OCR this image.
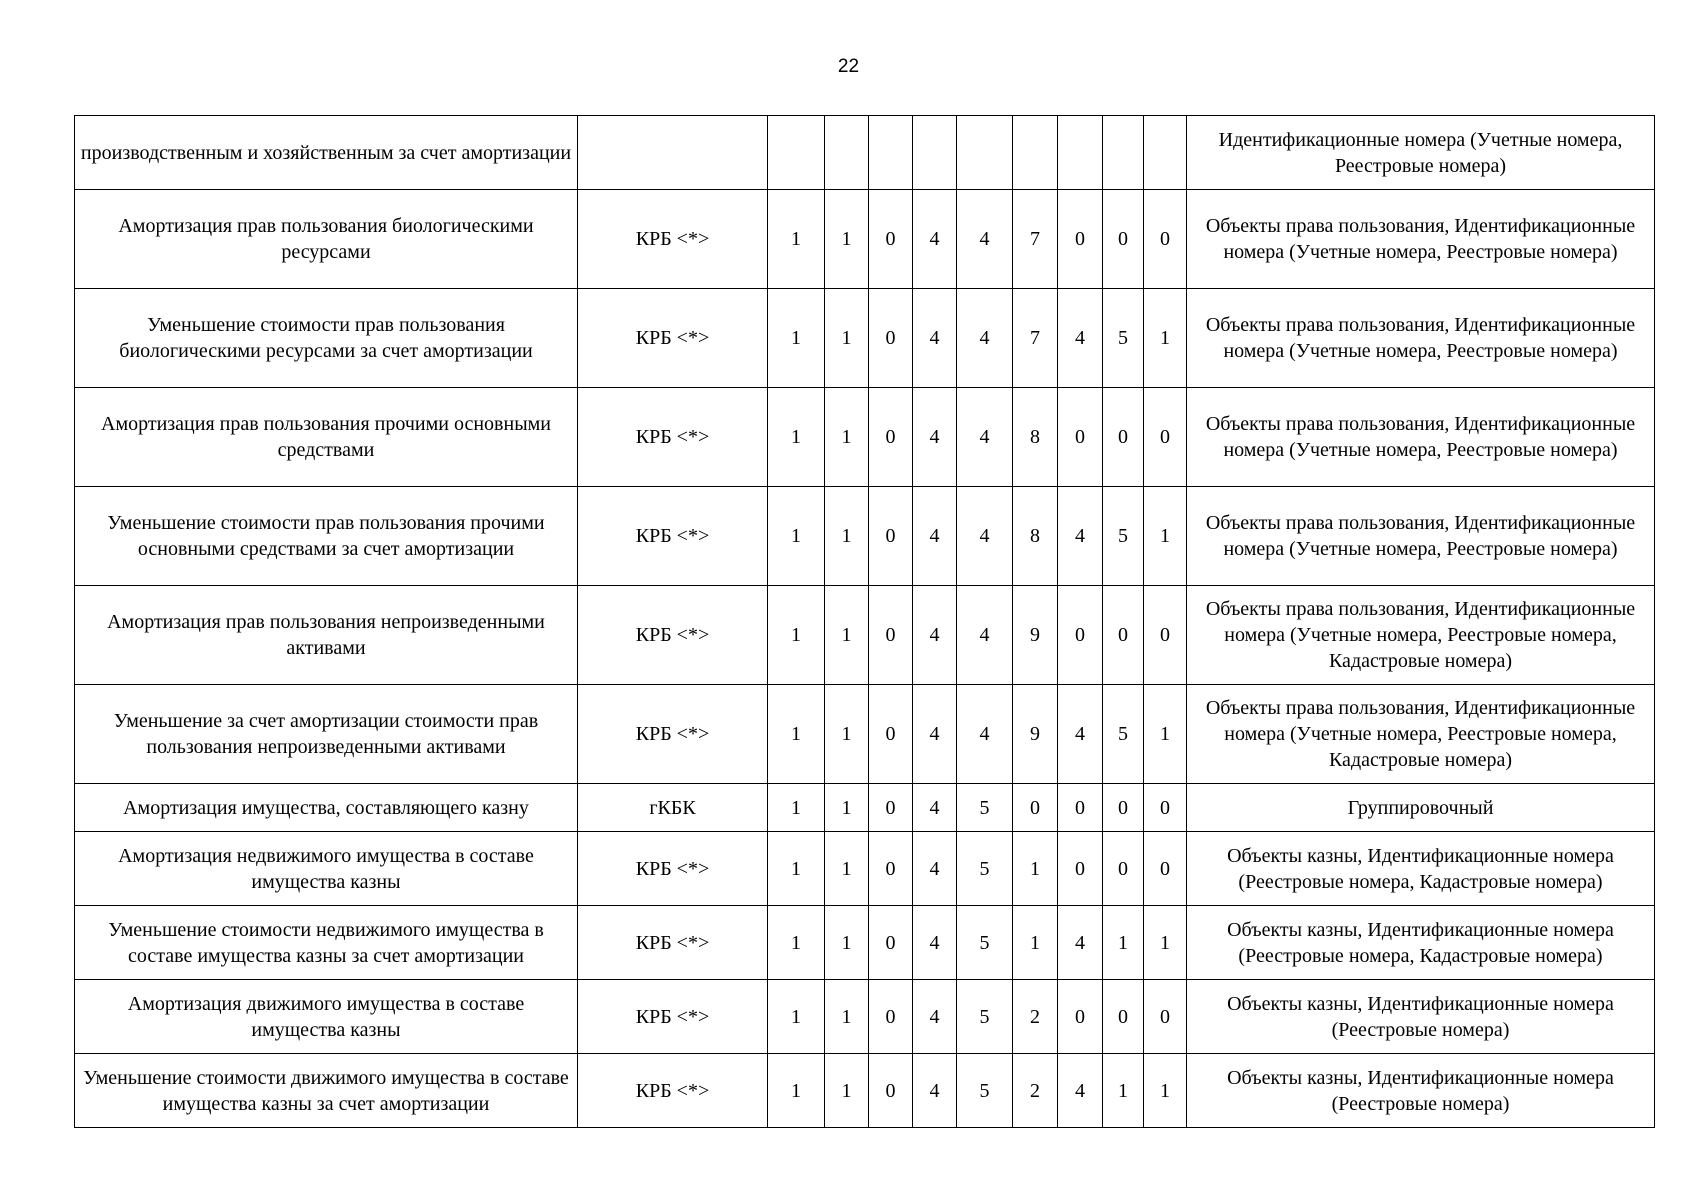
22
производственным и хозяйственным за счет амортизации											Идентификационные номера (Учетные номера, Реестровые номера)
Амортизация прав пользования биологическими ресурсами	КРБ <*>	1	1	0	4	4	7	0	0	0	Объекты права пользования, Идентификационные номера (Учетные номера, Реестровые номера)
Уменьшение стоимости прав пользования биологическими ресурсами за счет амортизации	КРБ <*>	1	1	0	4	4	7	4	5	1	Объекты права пользования, Идентификационные номера (Учетные номера, Реестровые номера)
Амортизация прав пользования прочими основными средствами	КРБ <*>	1	1	0	4	4	8	0	0	0	Объекты права пользования, Идентификационные номера (Учетные номера, Реестровые номера)
Уменьшение стоимости прав пользования прочими основными средствами за счет амортизации	КРБ <*>	1	1	0	4	4	8	4	5	1	Объекты права пользования, Идентификационные номера (Учетные номера, Реестровые номера)
Амортизация прав пользования непроизведенными активами	КРБ <*>	1	1	0	4	4	9	0	0	0	Объекты права пользования, Идентификационные номера (Учетные номера, Реестровые номера, Кадастровые номера)
Уменьшение за счет амортизации стоимости прав пользования непроизведенными активами	КРБ <*>	1	1	0	4	4	9	4	5	1	Объекты права пользования, Идентификационные номера (Учетные номера, Реестровые номера, Кадастровые номера)
Амортизация имущества, составляющего казну	гКБК	1	1	0	4	5	0	0	0	0	Группировочный
Амортизация недвижимого имущества в составе имущества казны	КРБ <*>	1	1	0	4	5	1	0	0	0	Объекты казны, Идентификационные номера (Реестровые номера, Кадастровые номера)
Уменьшение стоимости недвижимого имущества в составе имущества казны за счет амортизации	КРБ <*>	1	1	0	4	5	1	4	1	1	Объекты казны, Идентификационные номера (Реестровые номера, Кадастровые номера)
Амортизация движимого имущества в составе имущества казны	КРБ <*>	1	1	0	4	5	2	0	0	0	Объекты казны, Идентификационные номера (Реестровые номера)
Уменьшение стоимости движимого имущества в составе имущества казны за счет амортизации	КРБ <*>	1	1	0	4	5	2	4	1	1	Объекты казны, Идентификационные номера (Реестровые номера)
